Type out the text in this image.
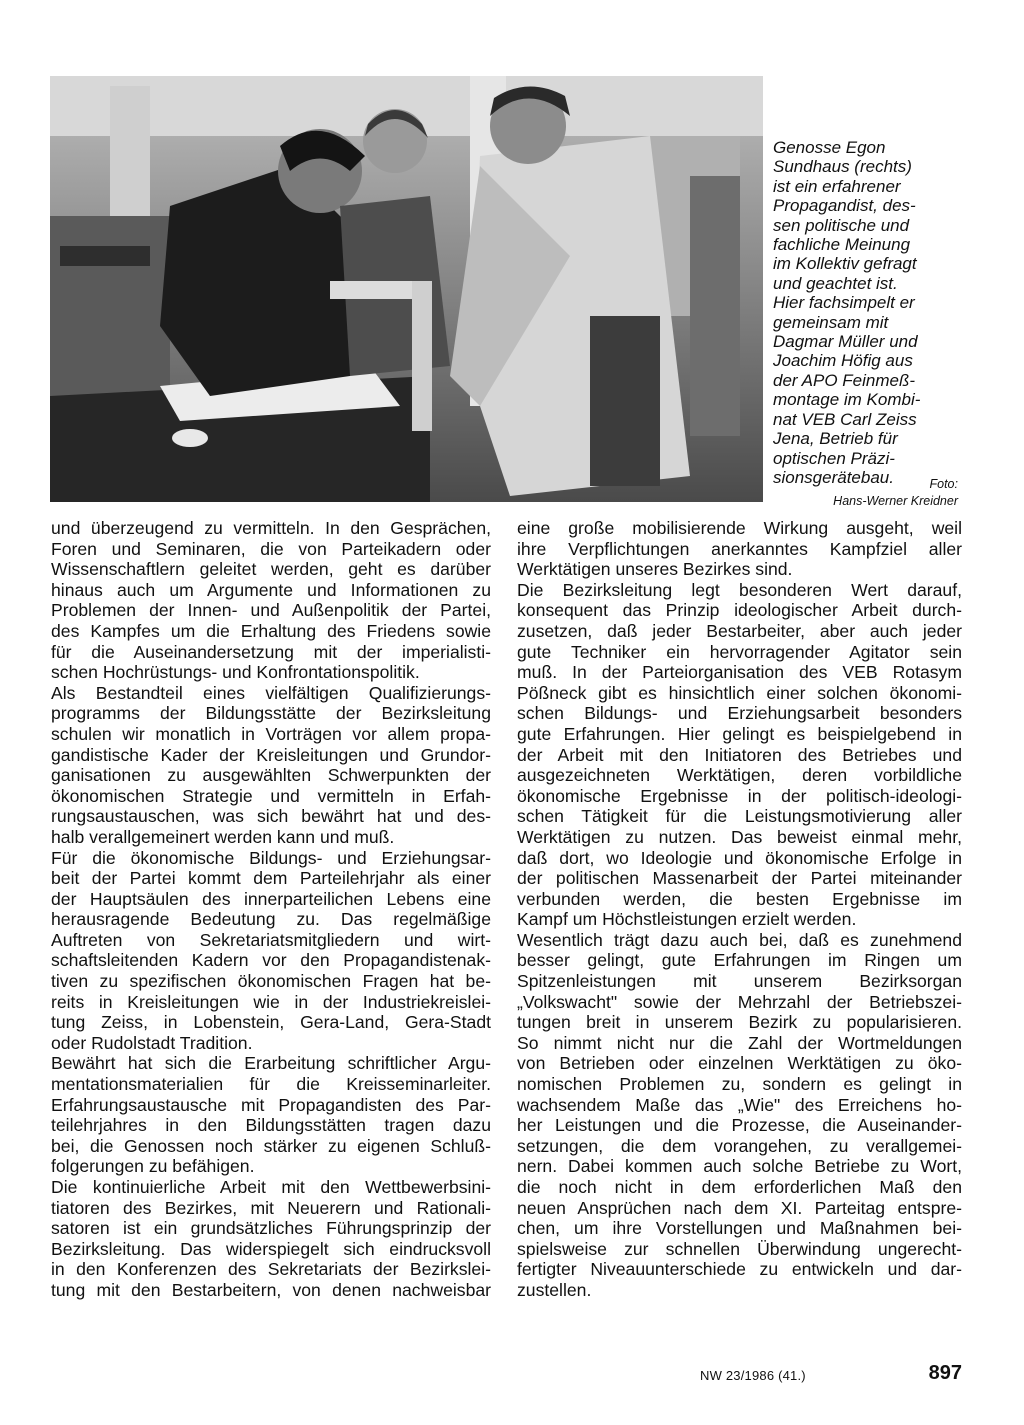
Genosse Egon
Sundhaus (rechts)
ist ein erfahrener
Propagandist, des-
sen politische und
fachliche Meinung
im Kollektiv gefragt
und geachtet ist.
Hier fachsimpelt er
gemeinsam mit
Dagmar Müller und
Joachim Höfig aus
der APO Feinmeß-
montage im Kombi-
nat VEB Carl Zeiss
Jena, Betrieb für
optischen Präzi-
sionsgerätebau.	Foto:
Hans-Werner Kreidner
und überzeugend zu vermitteln. In den Gesprächen,
Foren und Seminaren, die von Parteikadern oder
Wissenschaftlern geleitet werden, geht es darüber
hinaus auch um Argumente und Informationen zu
Problemen der Innen- und Außenpolitik der Partei,
des Kampfes um die Erhaltung des Friedens sowie
für die Auseinandersetzung mit der imperialisti-
schen Hochrüstungs- und Konfrontationspolitik.
Als Bestandteil eines vielfältigen Qualifizierungs-
programms der Bildungsstätte der Bezirksleitung
schulen wir monatlich in Vorträgen vor allem propa-
gandistische Kader der Kreisleitungen und Grundor-
ganisationen zu ausgewählten Schwerpunkten der
ökonomischen Strategie und vermitteln in Erfah-
rungsaustauschen, was sich bewährt hat und des-
halb verallgemeinert werden kann und muß.
Für die ökonomische Bildungs- und Erziehungsar-
beit der Partei kommt dem Parteilehrjahr als einer
der Hauptsäulen des innerparteilichen Lebens eine
herausragende Bedeutung zu. Das regelmäßige
Auftreten von Sekretariatsmitgliedern und wirt-
schaftsleitenden Kadern vor den Propagandistenak-
tiven zu spezifischen ökonomischen Fragen hat be-
reits in Kreisleitungen wie in der Industriekreislei-
tung Zeiss, in Lobenstein, Gera-Land, Gera-Stadt
oder Rudolstadt Tradition.
Bewährt hat sich die Erarbeitung schriftlicher Argu-
mentationsmaterialien für die Kreisseminarleiter.
Erfahrungsaustausche mit Propagandisten des Par-
teilehrjahres in den Bildungsstätten tragen dazu
bei, die Genossen noch stärker zu eigenen Schluß-
folgerungen zu befähigen.
Die kontinuierliche Arbeit mit den Wettbewerbsini-
tiatoren des Bezirkes, mit Neuerern und Rationali-
satoren ist ein grundsätzliches Führungsprinzip der
Bezirksleitung. Das widerspiegelt sich eindrucksvoll
in den Konferenzen des Sekretariats der Bezirkslei-
tung mit den Bestarbeitern, von denen nachweisbar
eine große mobilisierende Wirkung ausgeht, weil
ihre Verpflichtungen anerkanntes Kampfziel aller
Werktätigen unseres Bezirkes sind.
Die Bezirksleitung legt besonderen Wert darauf,
konsequent das Prinzip ideologischer Arbeit durch-
zusetzen, daß jeder Bestarbeiter, aber auch jeder
gute Techniker ein hervorragender Agitator sein
muß. In der Parteiorganisation des VEB Rotasym
Pößneck gibt es hinsichtlich einer solchen ökonomi-
schen Bildungs- und Erziehungsarbeit besonders
gute Erfahrungen. Hier gelingt es beispielgebend in
der Arbeit mit den Initiatoren des Betriebes und
ausgezeichneten Werktätigen, deren vorbildliche
ökonomische Ergebnisse in der politisch-ideologi-
schen Tätigkeit für die Leistungsmotivierung aller
Werktätigen zu nutzen. Das beweist einmal mehr,
daß dort, wo Ideologie und ökonomische Erfolge in
der politischen Massenarbeit der Partei miteinander
verbunden werden, die besten Ergebnisse im
Kampf um Höchstleistungen erzielt werden.
Wesentlich trägt dazu auch bei, daß es zunehmend
besser gelingt, gute Erfahrungen im Ringen um
Spitzenleistungen mit unserem Bezirksorgan
„Volkswacht" sowie der Mehrzahl der Betriebszei-
tungen breit in unserem Bezirk zu popularisieren.
So nimmt nicht nur die Zahl der Wortmeldungen
von Betrieben oder einzelnen Werktätigen zu öko-
nomischen Problemen zu, sondern es gelingt in
wachsendem Maße das „Wie" des Erreichens ho-
her Leistungen und die Prozesse, die Auseinander-
setzungen, die dem vorangehen, zu verallgemei-
nern. Dabei kommen auch solche Betriebe zu Wort,
die noch nicht in dem erforderlichen Maß den
neuen Ansprüchen nach dem XI. Parteitag entspre-
chen, um ihre Vorstellungen und Maßnahmen bei-
spielsweise zur schnellen Überwindung ungerecht-
fertigter Niveauunterschiede zu entwickeln und dar-
zustellen.
NW 23/1986 (41.)	897
